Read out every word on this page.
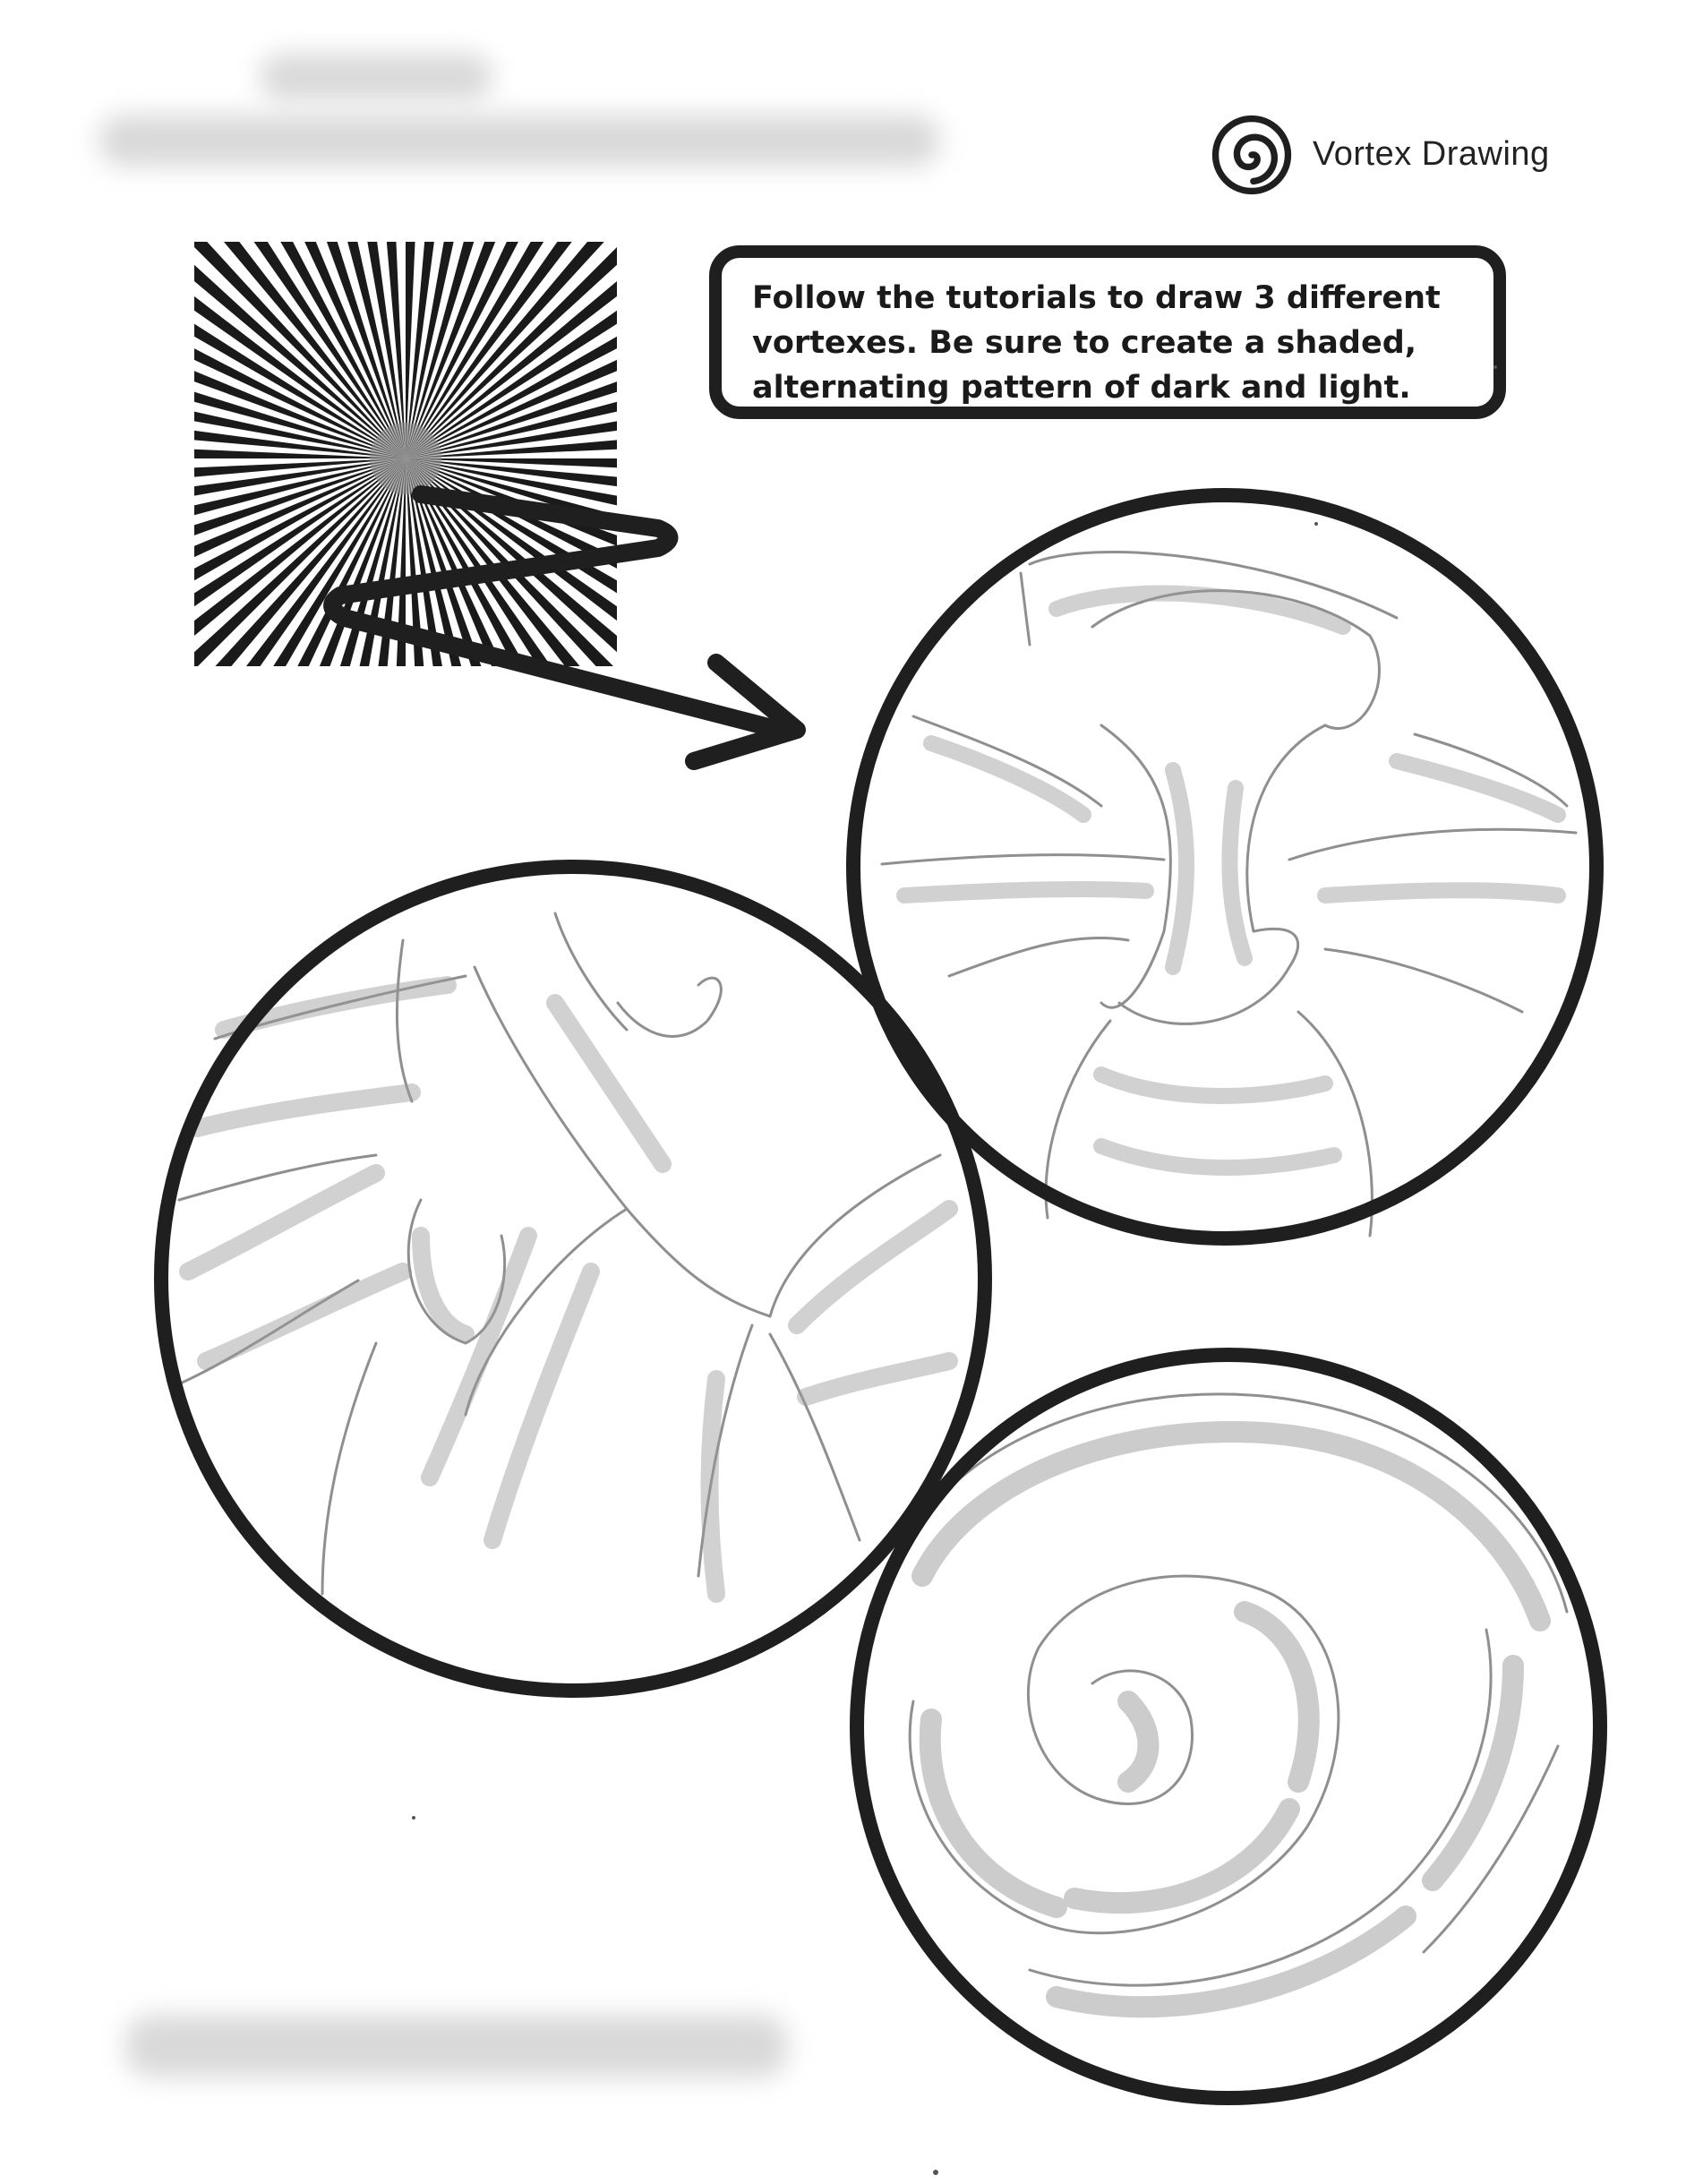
Vortex Drawing
Follow the tutorials to draw 3 different vortexes. Be sure to create a shaded, alternating pattern of dark and light.
